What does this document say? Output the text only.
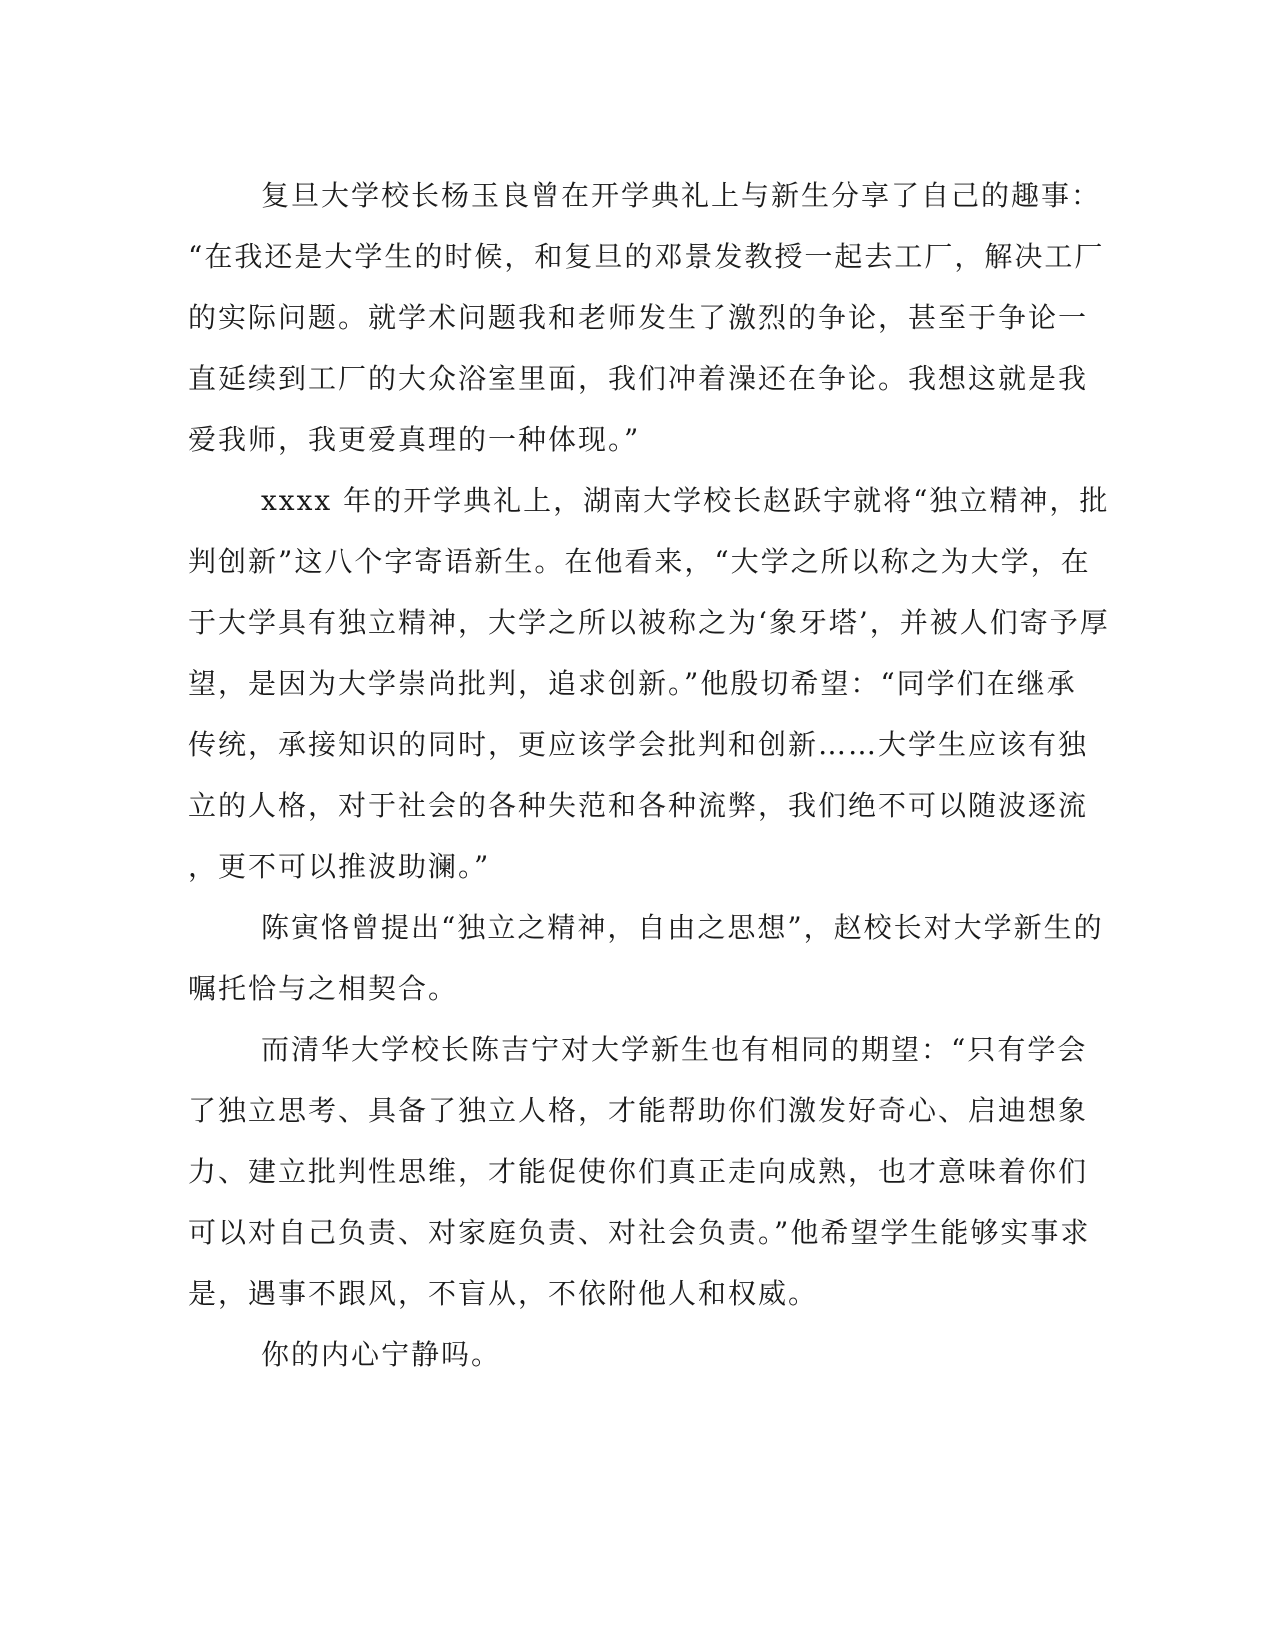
复旦大学校长杨玉良曾在开学典礼上与新生分享了自己的趣事：
“在我还是大学生的时候，和复旦的邓景发教授一起去工厂，解决工厂
的实际问题。就学术问题我和老师发生了激烈的争论，甚至于争论一
直延续到工厂的大众浴室里面，我们冲着澡还在争论。我想这就是我
爱我师，我更爱真理的一种体现。”
xxxx 年的开学典礼上，湖南大学校长赵跃宇就将“独立精神，批
判创新”这八个字寄语新生。在他看来，“大学之所以称之为大学，在
于大学具有独立精神，大学之所以被称之为‘象牙塔’，并被人们寄予厚
望，是因为大学崇尚批判，追求创新。”他殷切希望：“同学们在继承
传统，承接知识的同时，更应该学会批判和创新……大学生应该有独
立的人格，对于社会的各种失范和各种流弊，我们绝不可以随波逐流
，更不可以推波助澜。”
陈寅恪曾提出“独立之精神，自由之思想”，赵校长对大学新生的
嘱托恰与之相契合。
而清华大学校长陈吉宁对大学新生也有相同的期望：“只有学会
了独立思考、具备了独立人格，才能帮助你们激发好奇心、启迪想象
力、建立批判性思维，才能促使你们真正走向成熟，也才意味着你们
可以对自己负责、对家庭负责、对社会负责。”他希望学生能够实事求
是，遇事不跟风，不盲从，不依附他人和权威。
你的内心宁静吗。
